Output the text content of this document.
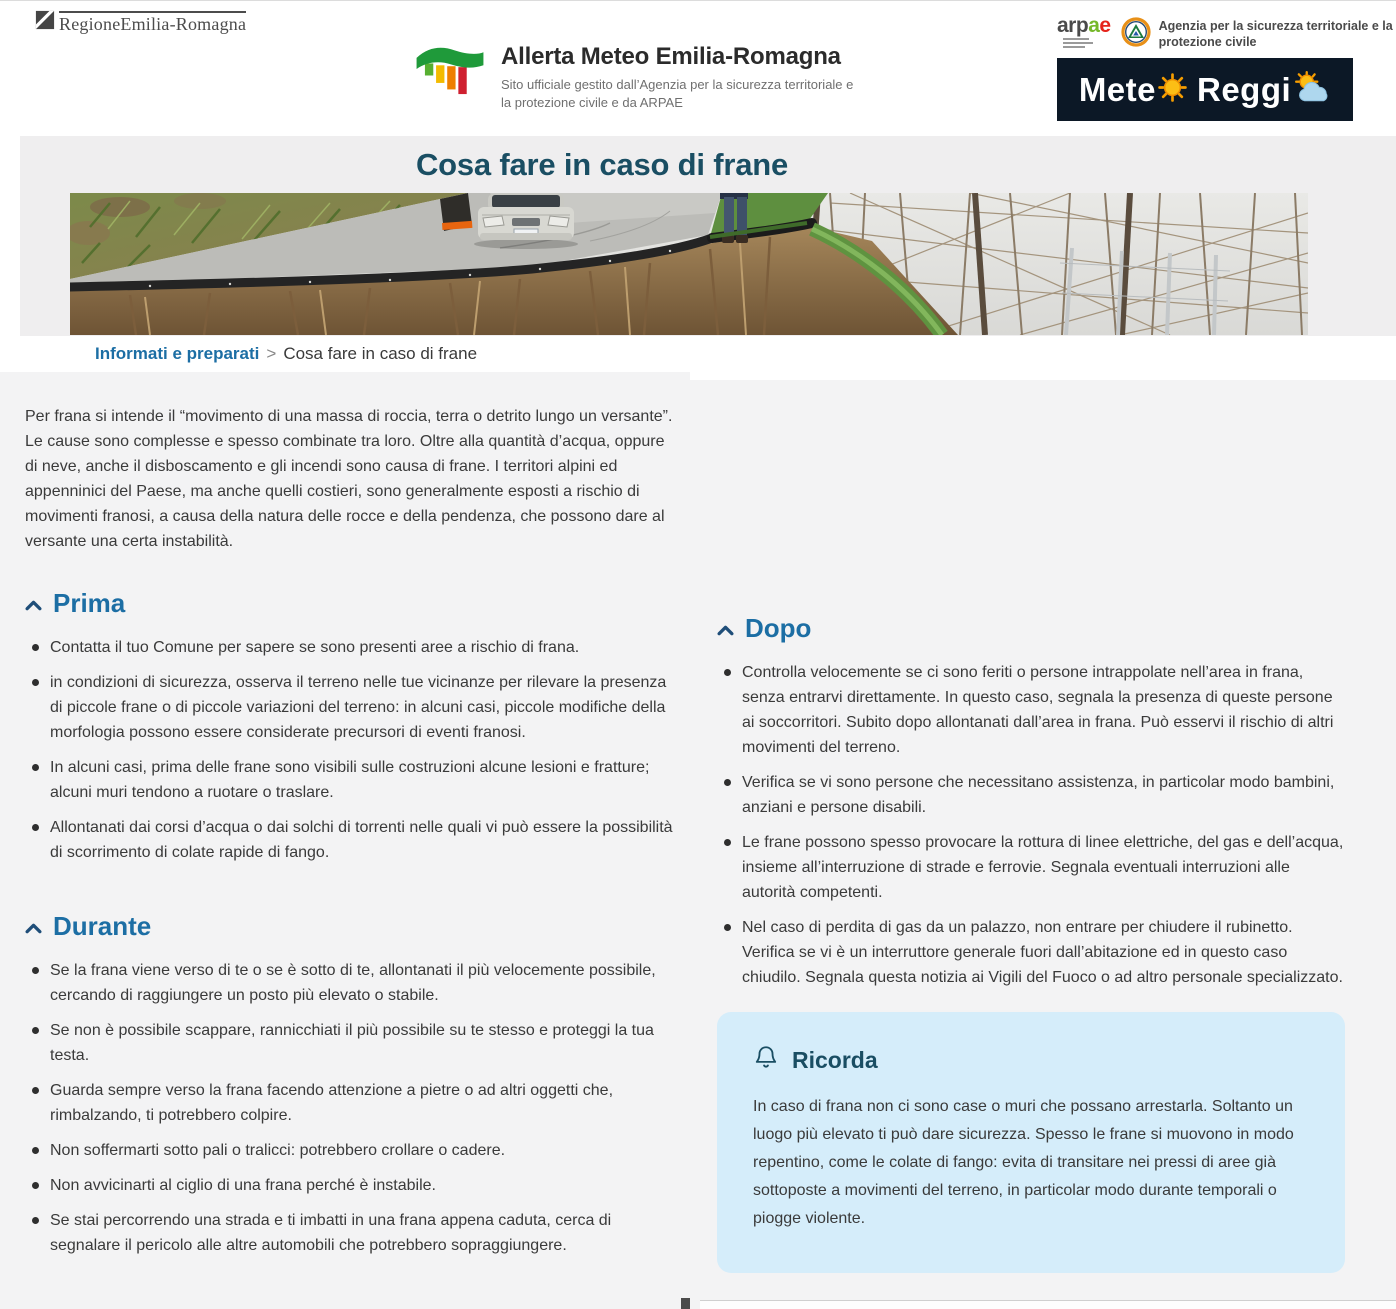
RegioneEmilia-Romagna
Allerta Meteo Emilia-Romagna
Sito ufficiale gestito dall’Agenzia per la sicurezza territoriale e
la protezione civile e da ARPAE
arpae	Agenzia per la sicurezza territoriale e la
protezione civile
Mete Reggi
Cosa fare in caso di frane
Informati e preparati > Cosa fare in caso di frane

Per frana si intende il “movimento di una massa di roccia, terra o detrito lungo un versante”.

Le cause sono complesse e spesso combinate tra loro. Oltre alla quantità d’acqua, oppure di neve, anche il disboscamento e gli incendi sono causa di frane. I territori alpini ed appenninici del Paese, ma anche quelli costieri, sono generalmente esposti a rischio di movimenti franosi, a causa della natura delle rocce e della pendenza, che possono dare al versante una certa instabilità.

Prima
Contatta il tuo Comune per sapere se sono presenti aree a rischio di frana.
in condizioni di sicurezza, osserva il terreno nelle tue vicinanze per rilevare la presenza di piccole frane o di piccole variazioni del terreno: in alcuni casi, piccole modifiche della morfologia possono essere considerate precursori di eventi franosi.
In alcuni casi, prima delle frane sono visibili sulle costruzioni alcune lesioni e fratture; alcuni muri tendono a ruotare o traslare.
Allontanati dai corsi d’acqua o dai solchi di torrenti nelle quali vi può essere la possibilità di scorrimento di colate rapide di fango.
Durante
Se la frana viene verso di te o se è sotto di te, allontanati il più velocemente possibile, cercando di raggiungere un posto più elevato o stabile.
Se non è possibile scappare, rannicchiati il più possibile su te stesso e proteggi la tua testa.
Guarda sempre verso la frana facendo attenzione a pietre o ad altri oggetti che, rimbalzando, ti potrebbero colpire.
Non soffermarti sotto pali o tralicci: potrebbero crollare o cadere.
Non avvicinarti al ciglio di una frana perché è instabile.
Se stai percorrendo una strada e ti imbatti in una frana appena caduta, cerca di segnalare il pericolo alle altre automobili che potrebbero sopraggiungere.
Dopo
Controlla velocemente se ci sono feriti o persone intrappolate nell’area in frana, senza entrarvi direttamente. In questo caso, segnala la presenza di queste persone ai soccorritori. Subito dopo allontanati dall’area in frana. Può esservi il rischio di altri movimenti del terreno.
Verifica se vi sono persone che necessitano assistenza, in particolar modo bambini, anziani e persone disabili.
Le frane possono spesso provocare la rottura di linee elettriche, del gas e dell’acqua, insieme all’interruzione di strade e ferrovie. Segnala eventuali interruzioni alle autorità competenti.
Nel caso di perdita di gas da un palazzo, non entrare per chiudere il rubinetto. Verifica se vi è un interruttore generale fuori dall’abitazione ed in questo caso chiudilo. Segnala questa notizia ai Vigili del Fuoco o ad altro personale specializzato.
Ricorda

In caso di frana non ci sono case o muri che possano arrestarla. Soltanto un luogo più elevato ti può dare sicurezza. Spesso le frane si muovono in modo repentino, come le colate di fango: evita di transitare nei pressi di aree già sottoposte a movimenti del terreno, in particolar modo durante temporali o piogge violente.
